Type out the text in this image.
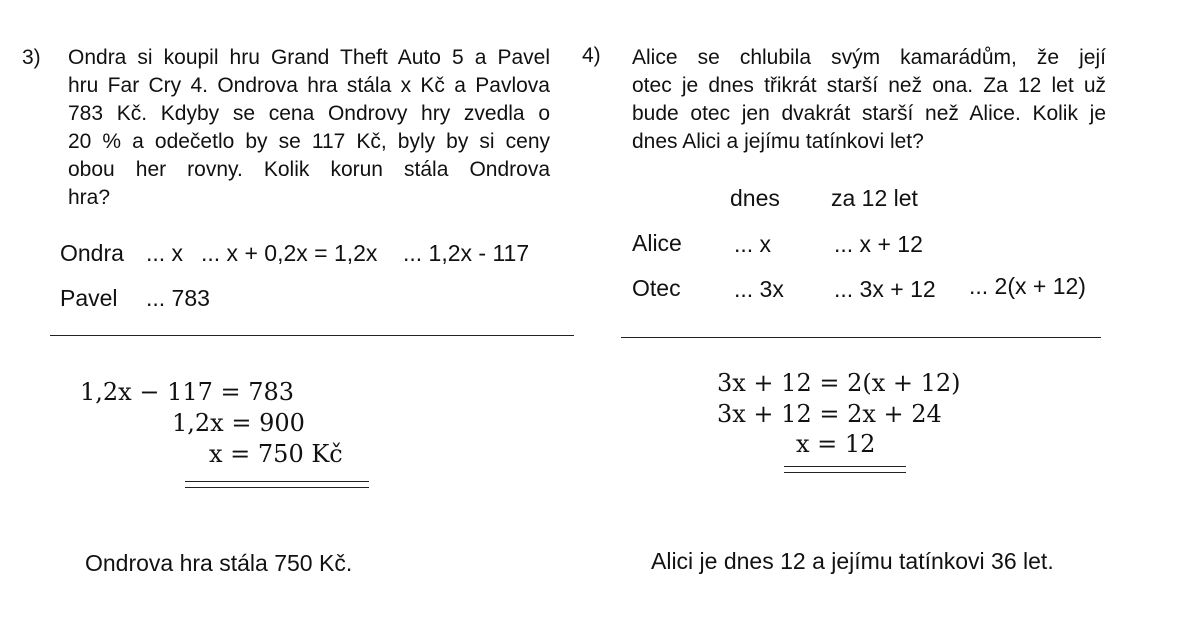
3) Ondra si koupil hru Grand Theft Auto 5 a Pavel
hru Far Cry 4. Ondrova hra stála x Kč a Pavlova
783 Kč. Kdyby se cena Ondrovy hry zvedla o
20 % a odečetlo by se 117 Kč, byly by si ceny
obou her rovny. Kolik korun stála Ondrova
hra?
Ondra ... x ... x + 0,2x = 1,2x ... 1,2x - 117
Pavel ... 783
1,2x − 117 = 783
1,2x = 900
x = 750 Kč
Ondrova hra stála 750 Kč.
4) Alice se chlubila svým kamarádům, že její
otec je dnes třikrát starší než ona. Za 12 let už
bude otec jen dvakrát starší než Alice. Kolik je
dnes Alici a jejímu tatínkovi let?
dnes za 12 let
Alice ... x	... x + 12
Otec ... 3x ... 3x + 12 ... 2(x + 12)
3x + 12 = 2(x + 12)
3x + 12 = 2x + 24
x = 12
Alici je dnes 12 a jejímu tatínkovi 36 let.
